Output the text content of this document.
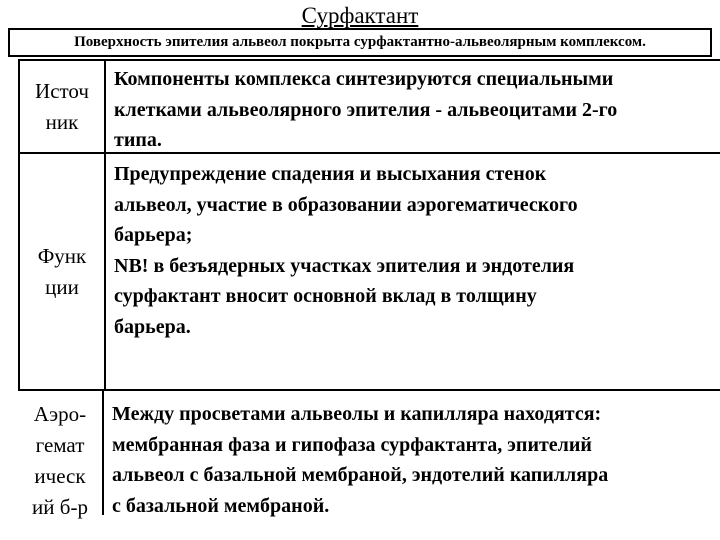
Сурфактант
Поверхность эпителия альвеол покрыта сурфактантно-альвеолярным комплексом.
Источ
ник
Компоненты комплекса синтезируются специальными
клетками альвеолярного эпителия - альвеоцитами 2-го
типа.
Функ
ции
Предупреждение спадения и высыхания стенок
альвеол, участие в образовании аэрогематического
барьера;
NB! в безъядерных участках эпителия и эндотелия
сурфактант вносит основной вклад в толщину
барьера.
Аэро-
гемат
ическ
ий б-р
Между просветами альвеолы и капилляра находятся:
мембранная фаза и гипофаза сурфактанта, эпителий
альвеол с базальной мембраной, эндотелий капилляра
с базальной мембраной.
